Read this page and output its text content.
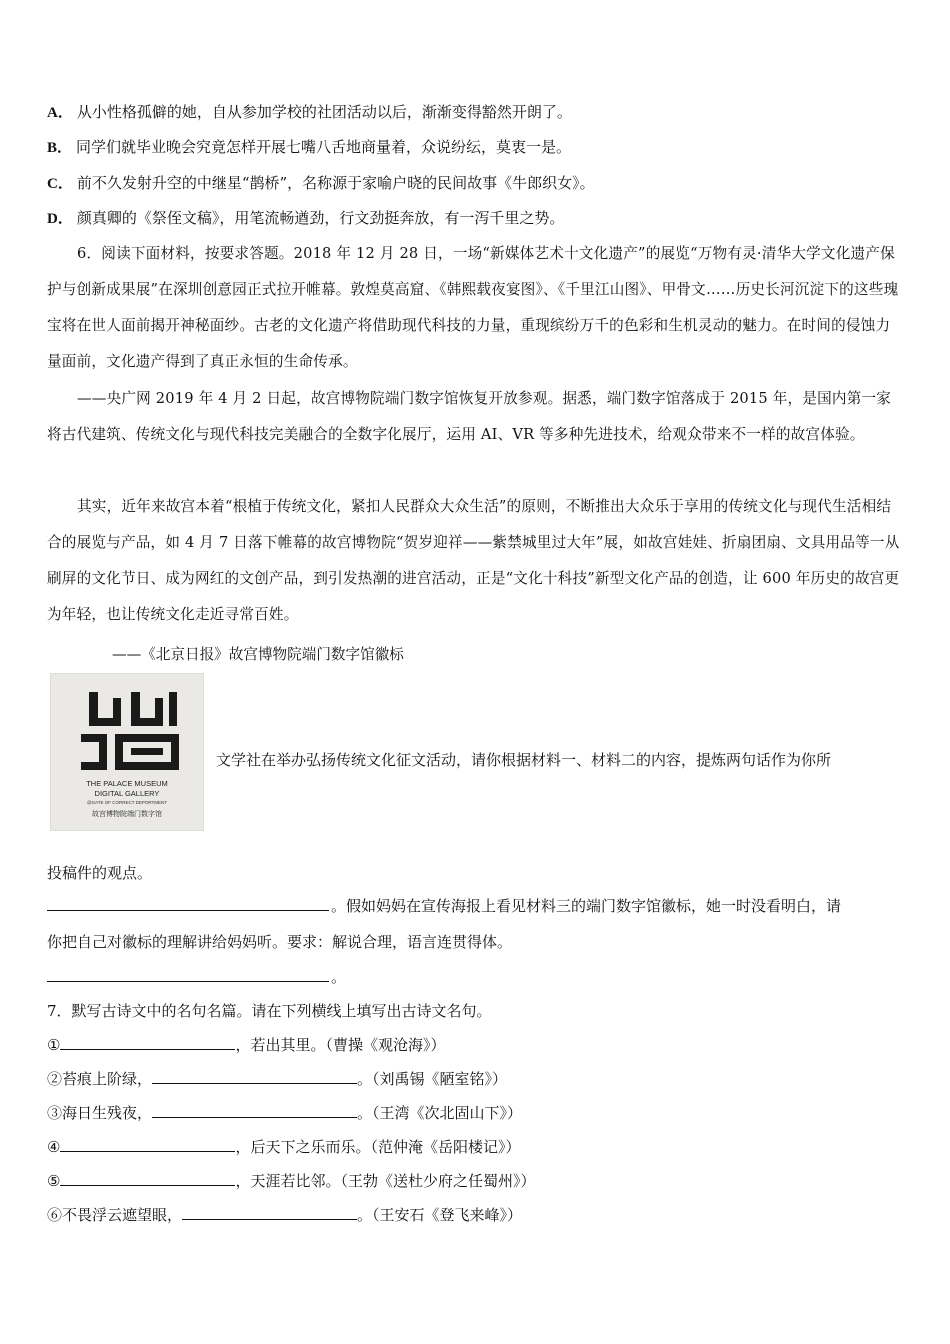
A． 从小性格孤僻的她，自从参加学校的社团活动以后，渐渐变得豁然开朗了。
B． 同学们就毕业晚会究竟怎样开展七嘴八舌地商量着，众说纷纭，莫衷一是。
C． 前不久发射升空的中继星“鹊桥”，名称源于家喻户晓的民间故事《牛郎织女》。
D． 颜真卿的《祭侄文稿》，用笔流畅遒劲，行文劲挺奔放，有一泻千里之势。
6．阅读下面材料，按要求答题。2018 年 12 月 28 日，一场“新媒体艺术十文化遗产”的展览“万物有灵·清华大学文化遗产保护与创新成果展”在深圳创意园正式拉开帷幕。敦煌莫高窟、《韩熙载夜宴图》、《千里江山图》、甲骨文……历史长河沉淀下的这些瑰宝将在世人面前揭开神秘面纱。古老的文化遗产将借助现代科技的力量，重现缤纷万千的色彩和生机灵动的魅力。在时间的侵蚀力量面前，文化遗产得到了真正永恒的生命传承。
——央广网 2019 年 4 月 2 日起，故宫博物院端门数字馆恢复开放参观。据悉，端门数字馆落成于 2015 年，是国内第一家将古代建筑、传统文化与现代科技完美融合的全数字化展厅，运用 AI、VR 等多种先进技术，给观众带来不一样的故宫体验。
其实，近年来故宫本着“根植于传统文化，紧扣人民群众大众生活”的原则，不断推出大众乐于享用的传统文化与现代生活相结合的展览与产品，如 4 月 7 日落下帷幕的故宫博物院“贺岁迎祥——紫禁城里过大年”展，如故宫娃娃、折扇团扇、文具用品等一从刷屏的文化节日、成为网红的文创产品，到引发热潮的进宫活动，正是“文化十科技”新型文化产品的创造，让 600 年历史的故宫更为年轻，也让传统文化走近寻常百姓。
——《北京日报》故宫博物院端门数字馆徽标
THE PALACE MUSEUM
DIGITAL GALLERY
@GATE OF CORRECT DEPORTMENT
故宫博物院端门数字馆
文学社在举办弘扬传统文化征文活动，请你根据材料一、材料二的内容，提炼两句话作为你所
投稿件的观点。
。假如妈妈在宣传海报上看见材料三的端门数字馆徽标，她一时没看明白，请
你把自己对徽标的理解讲给妈妈听。要求：解说合理，语言连贯得体。
。
7．默写古诗文中的名句名篇。请在下列横线上填写出古诗文名句。
①	，若出其里。（曹操《观沧海》）
②苔痕上阶绿，	。（刘禹锡《陋室铭》）
③海日生残夜，	。（王湾《次北固山下》）
④	，后天下之乐而乐。（范仲淹《岳阳楼记》）
⑤	，天涯若比邻。（王勃《送杜少府之任蜀州》）
⑥不畏浮云遮望眼，	。（王安石《登飞来峰》）
